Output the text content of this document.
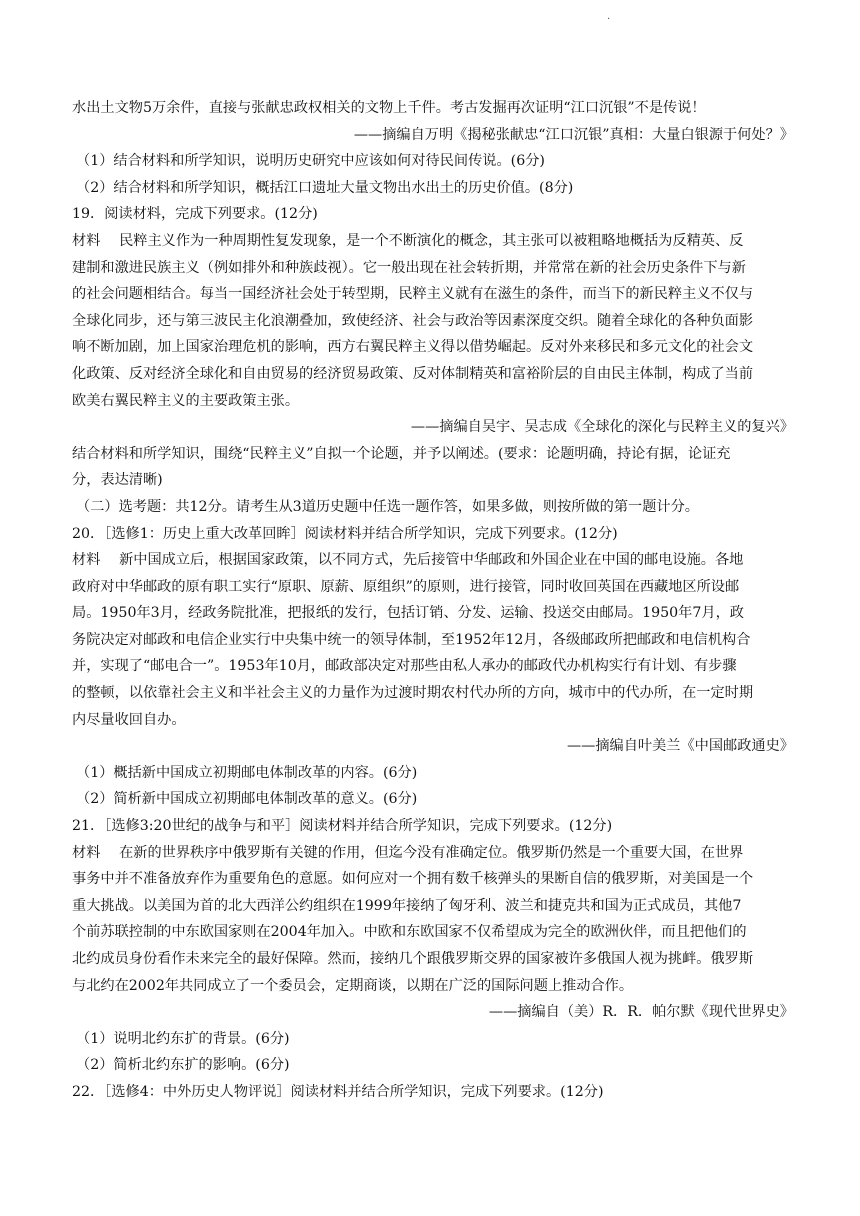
·

水出土文物5万余件，直接与张献忠政权相关的文物上千件。考古发掘再次证明“江口沉银”不是传说！

——摘编自万明《揭秘张献忠“江口沉银”真相：大量白银源于何处？》

（1）结合材料和所学知识，说明历史研究中应该如何对待民间传说。(6分)

（2）结合材料和所学知识，概括江口遗址大量文物出水出土的历史价值。(8分)

19．阅读材料，完成下列要求。(12分)

材料　 民粹主义作为一种周期性复发现象，是一个不断演化的概念，其主张可以被粗略地概括为反精英、反

建制和激进民族主义（例如排外和种族歧视）。它一般出现在社会转折期，并常常在新的社会历史条件下与新

的社会问题相结合。每当一国经济社会处于转型期，民粹主义就有在滋生的条件，而当下的新民粹主义不仅与

全球化同步，还与第三波民主化浪潮叠加，致使经济、社会与政治等因素深度交织。随着全球化的各种负面影

响不断加剧，加上国家治理危机的影响，西方右翼民粹主义得以借势崛起。反对外来移民和多元文化的社会文

化政策、反对经济全球化和自由贸易的经济贸易政策、反对体制精英和富裕阶层的自由民主体制，构成了当前

欧美右翼民粹主义的主要政策主张。

——摘编自吴宇、吴志成《全球化的深化与民粹主义的复兴》

结合材料和所学知识，围绕“民粹主义”自拟一个论题，并予以阐述。(要求：论题明确，持论有据，论证充

分，表达清晰)

（二）选考题：共12分。请考生从3道历史题中任选一题作答，如果多做，则按所做的第一题计分。

20．［选修1：历史上重大改革回眸］阅读材料并结合所学知识，完成下列要求。(12分)

材料　 新中国成立后，根据国家政策，以不同方式，先后接管中华邮政和外国企业在中国的邮电设施。各地

政府对中华邮政的原有职工实行“原职、原薪、原组织”的原则，进行接管，同时收回英国在西藏地区所设邮

局。1950年3月，经政务院批准，把报纸的发行，包括订销、分发、运输、投送交由邮局。1950年7月，政

务院决定对邮政和电信企业实行中央集中统一的领导体制，至1952年12月，各级邮政所把邮政和电信机构合

并，实现了“邮电合一”。1953年10月，邮政部决定对那些由私人承办的邮政代办机构实行有计划、有步骤

的整顿，以依靠社会主义和半社会主义的力量作为过渡时期农村代办所的方向，城市中的代办所，在一定时期

内尽量收回自办。

——摘编自叶美兰《中国邮政通史》

（1）概括新中国成立初期邮电体制改革的内容。(6分)

（2）简析新中国成立初期邮电体制改革的意义。(6分)

21．［选修3:20世纪的战争与和平］阅读材料并结合所学知识，完成下列要求。(12分)

材料　 在新的世界秩序中俄罗斯有关键的作用，但迄今没有准确定位。俄罗斯仍然是一个重要大国，在世界

事务中并不准备放弃作为重要角色的意愿。如何应对一个拥有数千核弹头的果断自信的俄罗斯，对美国是一个

重大挑战。以美国为首的北大西洋公约组织在1999年接纳了匈牙利、波兰和捷克共和国为正式成员，其他7

个前苏联控制的中东欧国家则在2004年加入。中欧和东欧国家不仅希望成为完全的欧洲伙伴，而且把他们的

北约成员身份看作未来完全的最好保障。然而，接纳几个跟俄罗斯交界的国家被许多俄国人视为挑衅。俄罗斯

与北约在2002年共同成立了一个委员会，定期商谈，以期在广泛的国际问题上推动合作。

——摘编自（美）R．R．帕尔默《现代世界史》

（1）说明北约东扩的背景。(6分)

（2）简析北约东扩的影响。(6分)

22．［选修4：中外历史人物评说］阅读材料并结合所学知识，完成下列要求。(12分)
